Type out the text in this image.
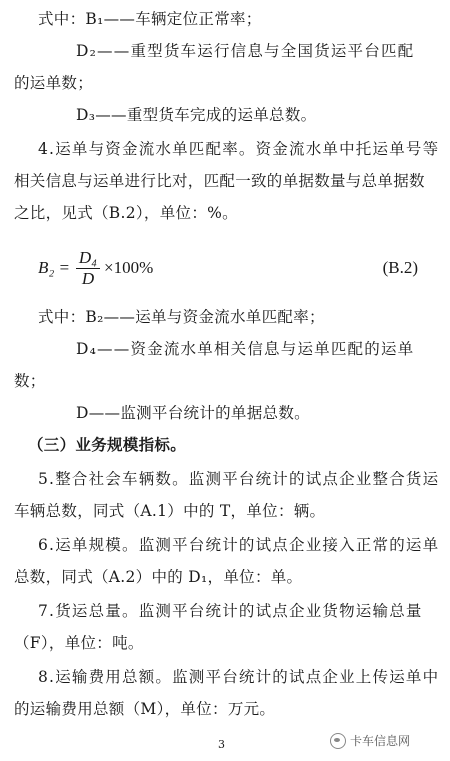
式中：B₁——车辆定位正常率；
D₂——重型货车运行信息与全国货运平台匹配
的运单数；
D₃——重型货车完成的运单总数。
4.运单与资金流水单匹配率。资金流水单中托运单号等
相关信息与运单进行比对，匹配一致的单据数量与总单据数
之比，见式（B.2），单位：%。
$B_2 = \frac{\text{D₄}}{D} \times 100\%$	(B.2)
式中：B₂——运单与资金流水单匹配率；
D₄——资金流水单相关信息与运单匹配的运单
数；
D——监测平台统计的单据总数。
（三）业务规模指标。
5.整合社会车辆数。监测平台统计的试点企业整合货运
车辆总数，同式（A.1）中的 T，单位：辆。
6.运单规模。监测平台统计的试点企业接入正常的运单
总数，同式（A.2）中的 D₁，单位：单。
7.货运总量。监测平台统计的试点企业货物运输总量
（F），单位：吨。
8.运输费用总额。监测平台统计的试点企业上传运单中
的运输费用总额（M），单位：万元。
3	卡车信息网
